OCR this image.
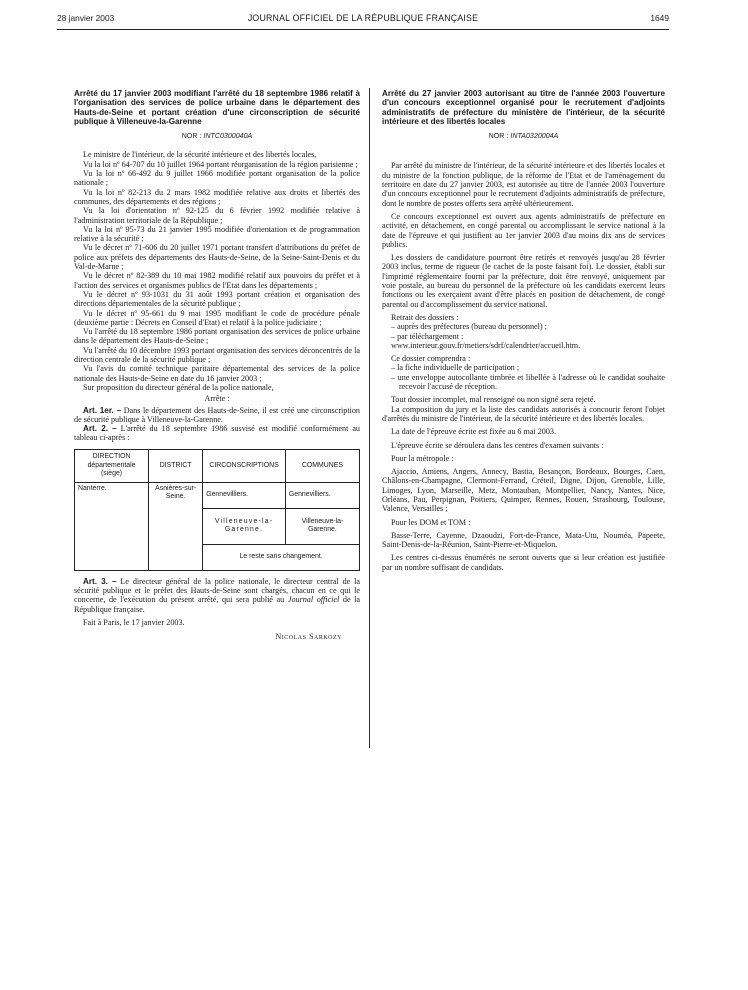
28 janvier 2003	JOURNAL OFFICIEL DE LA RÉPUBLIQUE FRANÇAISE	1649
Arrêté du 17 janvier 2003 modifiant l'arrêté du 18 septembre 1986 relatif à l'organisation des services de police urbaine dans le département des Hauts-de-Seine et portant création d'une circonscription de sécurité publique à Villeneuve-la-Garenne
NOR : INTC0300040A

Le ministre de l'intérieur, de la sécurité intérieure et des libertés locales,

Vu la loi nº 64-707 du 10 juillet 1964 portant réorganisation de la région parisienne ;

Vu la loi nº 66-492 du 9 juillet 1966 modifiée portant organisation de la police nationale ;

Vu la loi nº 82-213 du 2 mars 1982 modifiée relative aux droits et libertés des communes, des départements et des régions ;

Vu la loi d'orientation nº 92-125 du 6 février 1992 modifiée relative à l'administration territoriale de la République ;

Vu la loi nº 95-73 du 21 janvier 1995 modifiée d'orientation et de programmation relative à la sécurité ;

Vu le décret nº 71-606 du 20 juillet 1971 portant transfert d'attributions du préfet de police aux préfets des départements des Hauts-de-Seine, de la Seine-Saint-Denis et du Val-de-Marne ;

Vu le décret nº 82-389 du 10 mai 1982 modifié relatif aux pouvoirs du préfet et à l'action des services et organismes publics de l'Etat dans les départements ;

Vu le décret nº 93-1031 du 31 août 1993 portant création et organisation des directions départementales de la sécurité publique ;

Vu le décret nº 95-661 du 9 mai 1995 modifiant le code de procédure pénale (deuxième partie : Décrets en Conseil d'Etat) et relatif à la police judiciaire ;

Vu l'arrêté du 18 septembre 1986 portant organisation des services de police urbaine dans le département des Hauts-de-Seine ;

Vu l'arrêté du 10 décembre 1993 portant organisation des services déconcentrés de la direction centrale de la sécurité publique ;

Vu l'avis du comité technique paritaire départemental des services de la police nationale des Hauts-de-Seine en date du 16 janvier 2003 ;

Sur proposition du directeur général de la police nationale,

Arrête :

Art. 1er. – Dans le département des Hauts-de-Seine, il est créé une circonscription de sécurité publique à Villeneuve-la-Garenne.

Art. 2. – L'arrêté du 18 septembre 1986 susvisé est modifié conformément au tableau ci-après :

DIRECTION départementale (siège)	DISTRICT	CIRCONSCRIPTIONS	COMMUNES
Nanterre.	Asnières-sur-Seine.	Gennevilliers.	Gennevilliers.
		Villeneuve-la-Garenne.	Villeneuve-la-Garenne.
		Le reste sans changement.	

Art. 3. – Le directeur général de la police nationale, le directeur central de la sécurité publique et le préfet des Hauts-de-Seine sont chargés, chacun en ce qui le concerne, de l'exécution du présent arrêté, qui sera publié au Journal officiel de la République française.

Fait à Paris, le 17 janvier 2003.

Nicolas Sarkozy

Arrêté du 27 janvier 2003 autorisant au titre de l'année 2003 l'ouverture d'un concours exceptionnel organisé pour le recrutement d'adjoints administratifs de préfecture du ministère de l'intérieur, de la sécurité intérieure et des libertés locales
NOR : INTA0320004A

Par arrêté du ministre de l'intérieur, de la sécurité intérieure et des libertés locales et du ministre de la fonction publique, de la réforme de l'Etat et de l'aménagement du territoire en date du 27 janvier 2003, est autorisée au titre de l'année 2003 l'ouverture d'un concours exceptionnel pour le recrutement d'adjoints administratifs de préfecture, dont le nombre de postes offerts sera arrêté ultérieurement.

Ce concours exceptionnel est ouvert aux agents administratifs de préfecture en activité, en détachement, en congé parental ou accomplissant le service national à la date de l'épreuve et qui justifient au 1er janvier 2003 d'au moins dix ans de services publics.

Les dossiers de candidature pourront être retirés et renvoyés jusqu'au 28 février 2003 inclus, terme de rigueur (le cachet de la poste faisant foi). Le dossier, établi sur l'imprimé réglementaire fourni par la préfecture, doit être renvoyé, uniquement par voie postale, au bureau du personnel de la préfecture où les candidats exercent leurs fonctions ou les exerçaient avant d'être placés en position de détachement, de congé parental ou d'accomplissement du service national.

Retrait des dossiers :

– auprès des préfectures (bureau du personnel) ;
– par téléchargement :

www.interieur.gouv.fr/metiers/sdrf/calendrier/accueil.htm.

Ce dossier comprendra :

– la fiche individuelle de participation ;
– une enveloppe autocollante timbrée et libellée à l'adresse où le candidat souhaite recevoir l'accusé de réception.

Tout dossier incomplet, mal renseigné ou non signé sera rejeté.

La composition du jury et la liste des candidats autorisés à concourir feront l'objet d'arrêtés du ministre de l'intérieur, de la sécurité intérieure et des libertés locales.

La date de l'épreuve écrite est fixée au 6 mai 2003.

L'épreuve écrite se déroulera dans les centres d'examen suivants :

Pour la métropole :

Ajaccio, Amiens, Angers, Annecy, Bastia, Besançon, Bordeaux, Bourges, Caen, Châlons-en-Champagne, Clermont-Ferrand, Créteil, Digne, Dijon, Grenoble, Lille, Limoges, Lyon, Marseille, Metz, Montauban, Montpellier, Nancy, Nantes, Nice, Orléans, Pau, Perpignan, Poitiers, Quimper, Rennes, Rouen, Strasbourg, Toulouse, Valence, Versailles ;

Pour les DOM et TOM :

Basse-Terre, Cayenne, Dzaoudzi, Fort-de-France, Mata-Utu, Nouméa, Papeete, Saint-Denis-de-la-Réunion, Saint-Pierre-et-Miquelon.

Les centres ci-dessus énumérés ne seront ouverts que si leur création est justifiée par un nombre suffisant de candidats.
